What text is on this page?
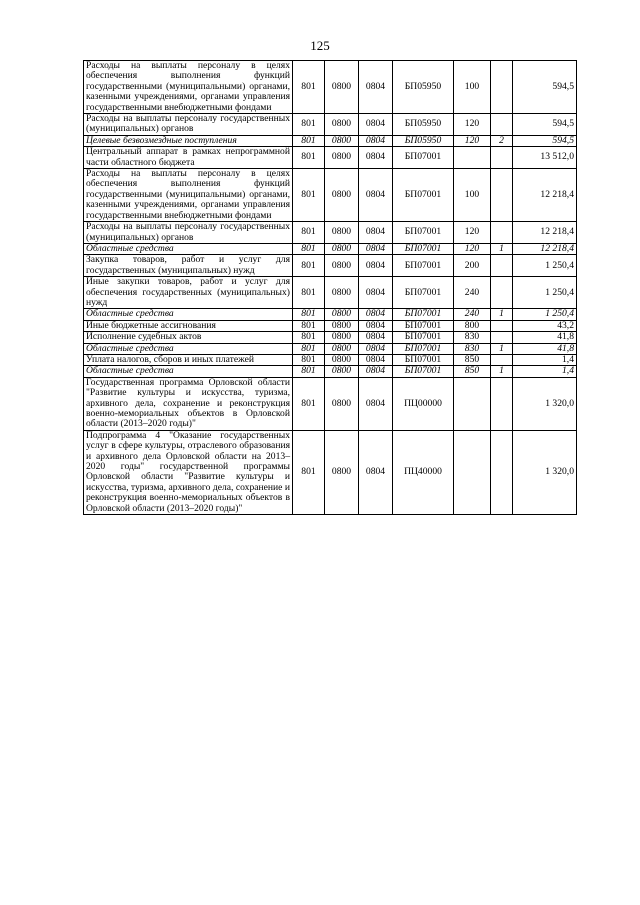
125
Расходы на выплаты персоналу в целях обеспечения выполнения функций государственными (муниципальными) органами, казенными учреждениями, органами управления государственными внебюджетными фондами	801	0800	0804	БП05950	100		594,5
Расходы на выплаты персоналу государственных (муниципальных) органов	801	0800	0804	БП05950	120		594,5
Целевые безвозмездные поступления	801	0800	0804	БП05950	120	2	594,5
Центральный аппарат в рамках непрограммной части областного бюджета	801	0800	0804	БП07001			13 512,0
Расходы на выплаты персоналу в целях обеспечения выполнения функций государственными (муниципальными) органами, казенными учреждениями, органами управления государственными внебюджетными фондами	801	0800	0804	БП07001	100		12 218,4
Расходы на выплаты персоналу государственных (муниципальных) органов	801	0800	0804	БП07001	120		12 218,4
Областные средства	801	0800	0804	БП07001	120	1	12 218,4
Закупка товаров, работ и услуг для государственных (муниципальных) нужд	801	0800	0804	БП07001	200		1 250,4
Иные закупки товаров, работ и услуг для обеспечения государственных (муниципальных) нужд	801	0800	0804	БП07001	240		1 250,4
Областные средства	801	0800	0804	БП07001	240	1	1 250,4
Иные бюджетные ассигнования	801	0800	0804	БП07001	800		43,2
Исполнение судебных актов	801	0800	0804	БП07001	830		41,8
Областные средства	801	0800	0804	БП07001	830	1	41,8
Уплата налогов, сборов и иных платежей	801	0800	0804	БП07001	850		1,4
Областные средства	801	0800	0804	БП07001	850	1	1,4
Государственная программа Орловской области "Развитие культуры и искусства, туризма, архивного дела, сохранение и реконструкция военно-мемориальных объектов в Орловской области (2013–2020 годы)"	801	0800	0804	ПЦ00000			1 320,0
Подпрограмма 4 "Оказание государственных услуг в сфере культуры, отраслевого образования и архивного дела Орловской области на 2013–2020 годы" государственной программы Орловской области "Развитие культуры и искусства, туризма, архивного дела, сохранение и реконструкция военно-мемориальных объектов в Орловской области (2013–2020 годы)"	801	0800	0804	ПЦ40000			1 320,0
